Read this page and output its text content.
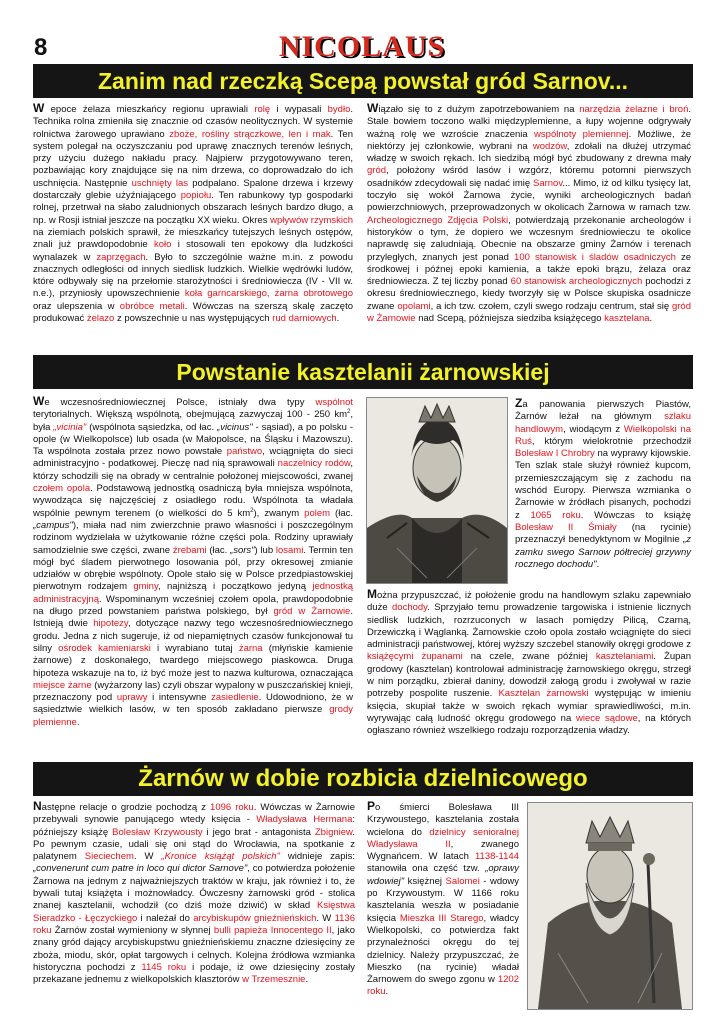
8	NICOLAUS
Zanim nad rzeczką Scepą powstał gród Sarnov...

W epoce żelaza mieszkańcy regionu uprawiali rolę i wypasali bydło. Technika rolna zmieniła się znacznie od czasów neolitycznych. W systemie rolnictwa żarowego uprawiano zboże, rośliny strączkowe, len i mak. Ten system polegał na oczyszczaniu pod uprawę znacznych terenów leśnych, przy użyciu dużego nakładu pracy. Najpierw przygotowywano teren, pozbawiając kory znajdujące się na nim drzewa, co doprowadzało do ich uschnięcia. Następnie uschnięty las podpalano. Spalone drzewa i krzewy dostarczały glebie użyźniającego popiołu. Ten rabunkowy typ gospodarki rolnej, przetrwał na słabo zaludnionych obszarach leśnych bardzo długo, a np. w Rosji istniał jeszcze na początku XX wieku. Okres wpływów rzymskich na ziemiach polskich sprawił, że mieszkańcy tutejszych leśnych ostępów, znali już prawdopodobnie koło i stosowali ten epokowy dla ludzkości wynalazek w zaprzęgach. Było to szczególnie ważne m.in. z powodu znacznych odległości od innych siedlisk ludzkich. Wielkie wędrówki ludów, które odbywały się na przełomie starożytności i średniowiecza (IV - VII w. n.e.), przyniosły upowszechnienie koła garncarskiego, żarna obrotowego oraz ulepszenia w obróbce metali. Wówczas na szerszą skalę zaczęto produkować żelazo z powszechnie u nas występujących rud darniowych.

Wiązało się to z dużym zapotrzebowaniem na narzędzia żelazne i broń. Stale bowiem toczono walki międzyplemienne, a łupy wojenne odgrywały ważną rolę we wzroście znaczenia wspólnoty plemiennej. Możliwe, że niektórzy jej członkowie, wybrani na wodzów, zdołali na dłużej utrzymać władzę w swoich rękach. Ich siedzibą mógł być zbudowany z drewna mały gród, położony wśród lasów i wzgórz, któremu potomni pierwszych osadników zdecydowali się nadać imię Sarnov... Mimo, iż od kilku tysięcy lat, toczyło się wokół Żarnowa życie, wyniki archeologicznych badań powierzchniowych, przeprowadzonych w okolicach Żarnowa w ramach tzw. Archeologicznego Zdjęcia Polski, potwierdzają przekonanie archeologów i historyków o tym, że dopiero we wczesnym średniowieczu te okolice naprawdę się zaludniają. Obecnie na obszarze gminy Żarnów i terenach przyległych, znanych jest ponad 100 stanowisk i śladów osadniczych ze środkowej i późnej epoki kamienia, a także epoki brązu, żelaza oraz średniowiecza. Z tej liczby ponad 60 stanowisk archeologicznych pochodzi z okresu średniowiecznego, kiedy tworzyły się w Polsce skupiska osadnicze zwane opolami, a ich tzw. czołem, czyli swego rodzaju centrum, stał się gród w Żarnowie nad Scepą, późniejsza siedziba książęcego kasztelana.

Powstanie kasztelanii żarnowskiej

We wczesnośredniowiecznej Polsce, istniały dwa typy wspólnot terytorialnych. Większą wspólnotą, obejmującą zazwyczaj 100 - 250 $km^2$, była „vicinia" (wspólnota sąsiedzka, od łac. „vicinus" - sąsiad), a po polsku - opole (w Wielkopolsce) lub osada (w Małopolsce, na Śląsku i Mazowszu). Ta wspólnota została przez nowo powstałe państwo, wciągnięta do sieci administracyjno - podatkowej. Pieczę nad nią sprawowali naczelnicy rodów, którzy schodzili się na obrady w centralnie położonej miejscowości, zwanej czołem opola. Podstawową jednostką osadniczą była mniejsza wspólnota, wywodząca się najczęściej z osiadłego rodu. Wspólnota ta władała wspólnie pewnym terenem (o wielkości do 5 $km^2$), zwanym polem (łac. „campus"), miała nad nim zwierzchnie prawo własności i poszczególnym rodzinom wydzielała w użytkowanie różne części pola. Rodziny uprawiały samodzielnie swe części, zwane źrebami (łac. „sors") lub losami. Termin ten mógł być śladem pierwotnego losowania pól, przy okresowej zmianie udziałów w obrębie wspólnoty. Opole stało się w Polsce przedpiastowskiej pierwotnym rodzajem gminy, najniższą i początkowo jedyną jednostką administracyjną. Wspominanym wcześniej czołem opola, prawdopodobnie na długo przed powstaniem państwa polskiego, był gród w Żarnowie. Istnieją dwie hipotezy, dotyczące nazwy tego wczesnośredniowiecznego grodu. Jedna z nich sugeruje, iż od niepamiętnych czasów funkcjonował tu silny ośrodek kamieniarski i wyrabiano tutaj żarna (młyńskie kamienie żarnowe) z doskonałego, twardego miejscowego piaskowca. Druga hipoteza wskazuje na to, iż być może jest to nazwa kulturowa, oznaczająca miejsce żarne (wyżarzony las) czyli obszar wypalony w puszczańskiej knieji, przeznaczony pod uprawy i intensywne zasiedlenie. Udowodniono, że w sąsiedztwie wielkich lasów, w ten sposób zakładano pierwsze grody plemienne.

Za panowania pierwszych Piastów, Żarnów leżał na głównym szlaku handlowym, wiodącym z Wielkopolski na Ruś, którym wielokrotnie przechodził Bolesław I Chrobry na wyprawy kijowskie. Ten szlak stale służył również kupcom, przemieszczającym się z zachodu na wschód Europy. Pierwsza wzmianka o Żarnowie w źródłach pisanych, pochodzi z 1065 roku. Wówczas to książę Bolesław II Śmiały (na rycinie) przeznaczył benedyktynom w Mogilnie „z zamku swego Sarnow półtreciej grzywny rocznego dochodu".

Można przypuszczać, iż położenie grodu na handlowym szlaku zapewniało duże dochody. Sprzyjało temu prowadzenie targowiska i istnienie licznych siedlisk ludzkich, rozrzuconych w lasach pomiędzy Pilicą, Czarną, Drzewiczką i Wąglanką. Żarnowskie czoło opola zostało wciągnięte do sieci administracji państwowej, której wyższy szczebel stanowiły okręgi grodowe z książęcymi żupanami na czele, zwane później kasztelaniami. Żupan grodowy (kasztelan) kontrolował administrację żarnowskiego okręgu, strzegł w nim porządku, zbierał daniny, dowodził załogą grodu i zwoływał w razie potrzeby pospolite ruszenie. Kasztelan żarnowski występując w imieniu księcia, skupiał także w swoich rękach wymiar sprawiedliwości, m.in. wyrywając całą ludność okręgu grodowego na wiece sądowe, na których ogłaszano również wszelkiego rodzaju rozporządzenia władzy.

Żarnów w dobie rozbicia dzielnicowego

Następne relacje o grodzie pochodzą z 1096 roku. Wówczas w Żarnowie przebywali synowie panującego wtedy księcia - Władysława Hermana: późniejszy książę Bolesław Krzywousty i jego brat - antagonista Zbigniew. Po pewnym czasie, udali się oni stąd do Wrocławia, na spotkanie z palatynem Sieciechem. W „Kronice książąt polskich" widnieje zapis: „convenerunt cum patre in loco qui dictor Sarnove", co potwierdza położenie Żarnowa na jednym z najważniejszych traktów w kraju, jak również i to, że bywali tutaj książęta i możnowładcy. Ówczesny żarnowski gród - stolica znanej kasztelanii, wchodził (co dziś może dziwić) w skład Księstwa Sieradzko - Łęczyckiego i należał do arcybiskupów gnieźnieńskich. W 1136 roku Żarnów został wymieniony w słynnej bulli papieża Innocentego II, jako znany gród dający arcybiskupstwu gnieźnieńskiemu znaczne dziesięciny ze zboża, miodu, skór, opłat targowych i celnych. Kolejna źródłowa wzmianka historyczna pochodzi z 1145 roku i podaje, iż owe dziesięciny zostały przekazane jednemu z wielkopolskich klasztorów w Trzemesznie.

Po śmierci Bolesława III Krzywoustego, kasztelania została wcielona do dzielnicy senioralnej Władysława II, zwanego Wygnańcem. W latach 1138-1144 stanowiła ona część tzw. „oprawy wdowiej" księżnej Salomei - wdowy po Krzywoustym. W 1166 roku kasztelania weszła w posiadanie księcia Mieszka III Starego, władcy Wielkopolski, co potwierdza fakt przynależności okręgu do tej dzielnicy. Należy przypuszczać, że Mieszko (na rycinie) władał Żarnowem do swego zgonu w 1202 roku.
